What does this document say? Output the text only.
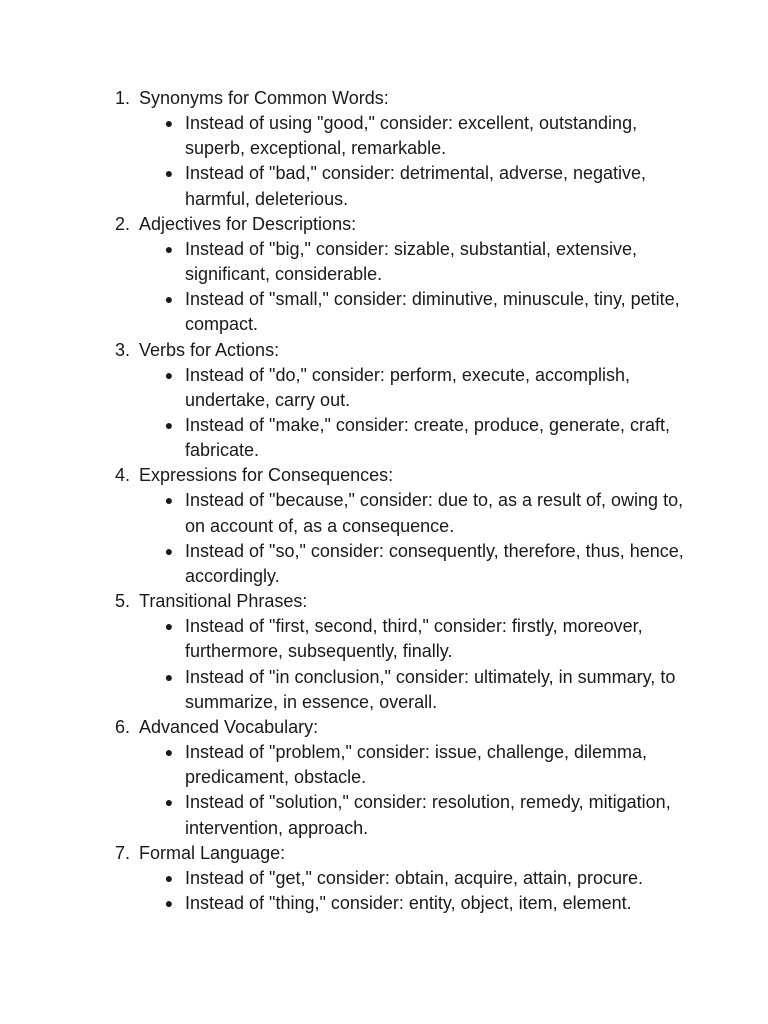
1. Synonyms for Common Words:
● Instead of using "good," consider: excellent, outstanding, superb, exceptional, remarkable.
● Instead of "bad," consider: detrimental, adverse, negative, harmful, deleterious.
2. Adjectives for Descriptions:
● Instead of "big," consider: sizable, substantial, extensive, significant, considerable.
● Instead of "small," consider: diminutive, minuscule, tiny, petite, compact.
3. Verbs for Actions:
● Instead of "do," consider: perform, execute, accomplish, undertake, carry out.
● Instead of "make," consider: create, produce, generate, craft, fabricate.
4. Expressions for Consequences:
● Instead of "because," consider: due to, as a result of, owing to, on account of, as a consequence.
● Instead of "so," consider: consequently, therefore, thus, hence, accordingly.
5. Transitional Phrases:
● Instead of "first, second, third," consider: firstly, moreover, furthermore, subsequently, finally.
● Instead of "in conclusion," consider: ultimately, in summary, to summarize, in essence, overall.
6. Advanced Vocabulary:
● Instead of "problem," consider: issue, challenge, dilemma, predicament, obstacle.
● Instead of "solution," consider: resolution, remedy, mitigation, intervention, approach.
7. Formal Language:
● Instead of "get," consider: obtain, acquire, attain, procure.
● Instead of "thing," consider: entity, object, item, element.
